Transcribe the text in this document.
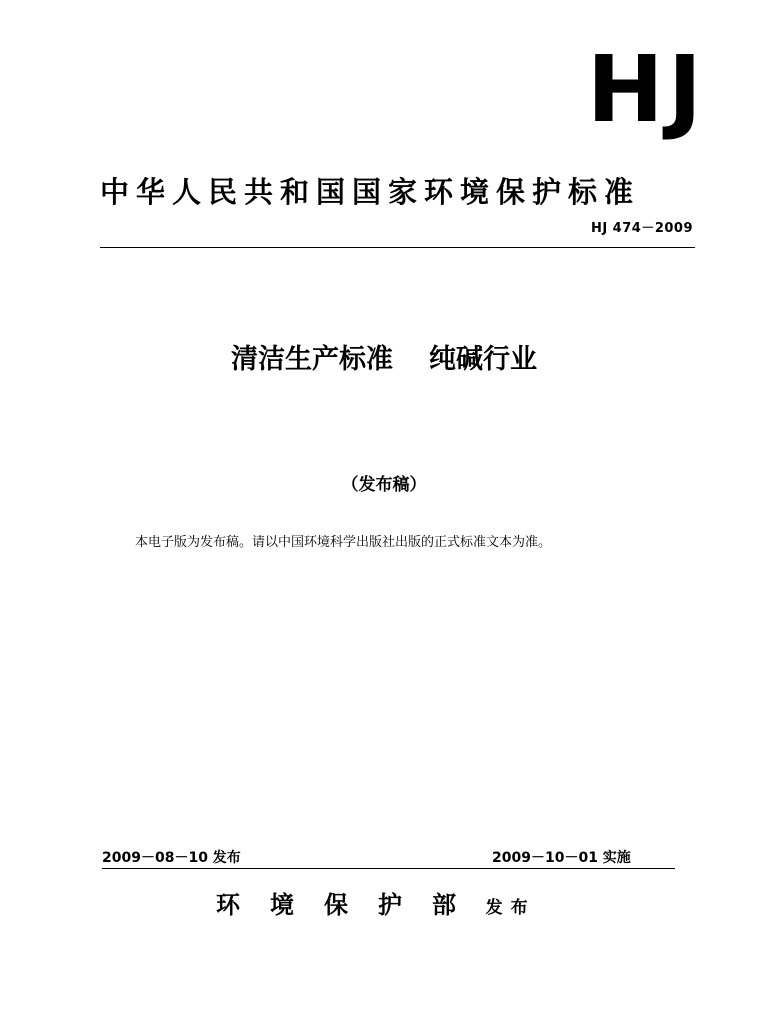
HJ
中华人民共和国国家环境保护标准
HJ 474－2009
清洁生产标准 纯碱行业
（发布稿）
本电子版为发布稿。请以中国环境科学出版社出版的正式标准文本为准。
2009－08－10 发布	2009－10－01 实施
环境保护部 发布
